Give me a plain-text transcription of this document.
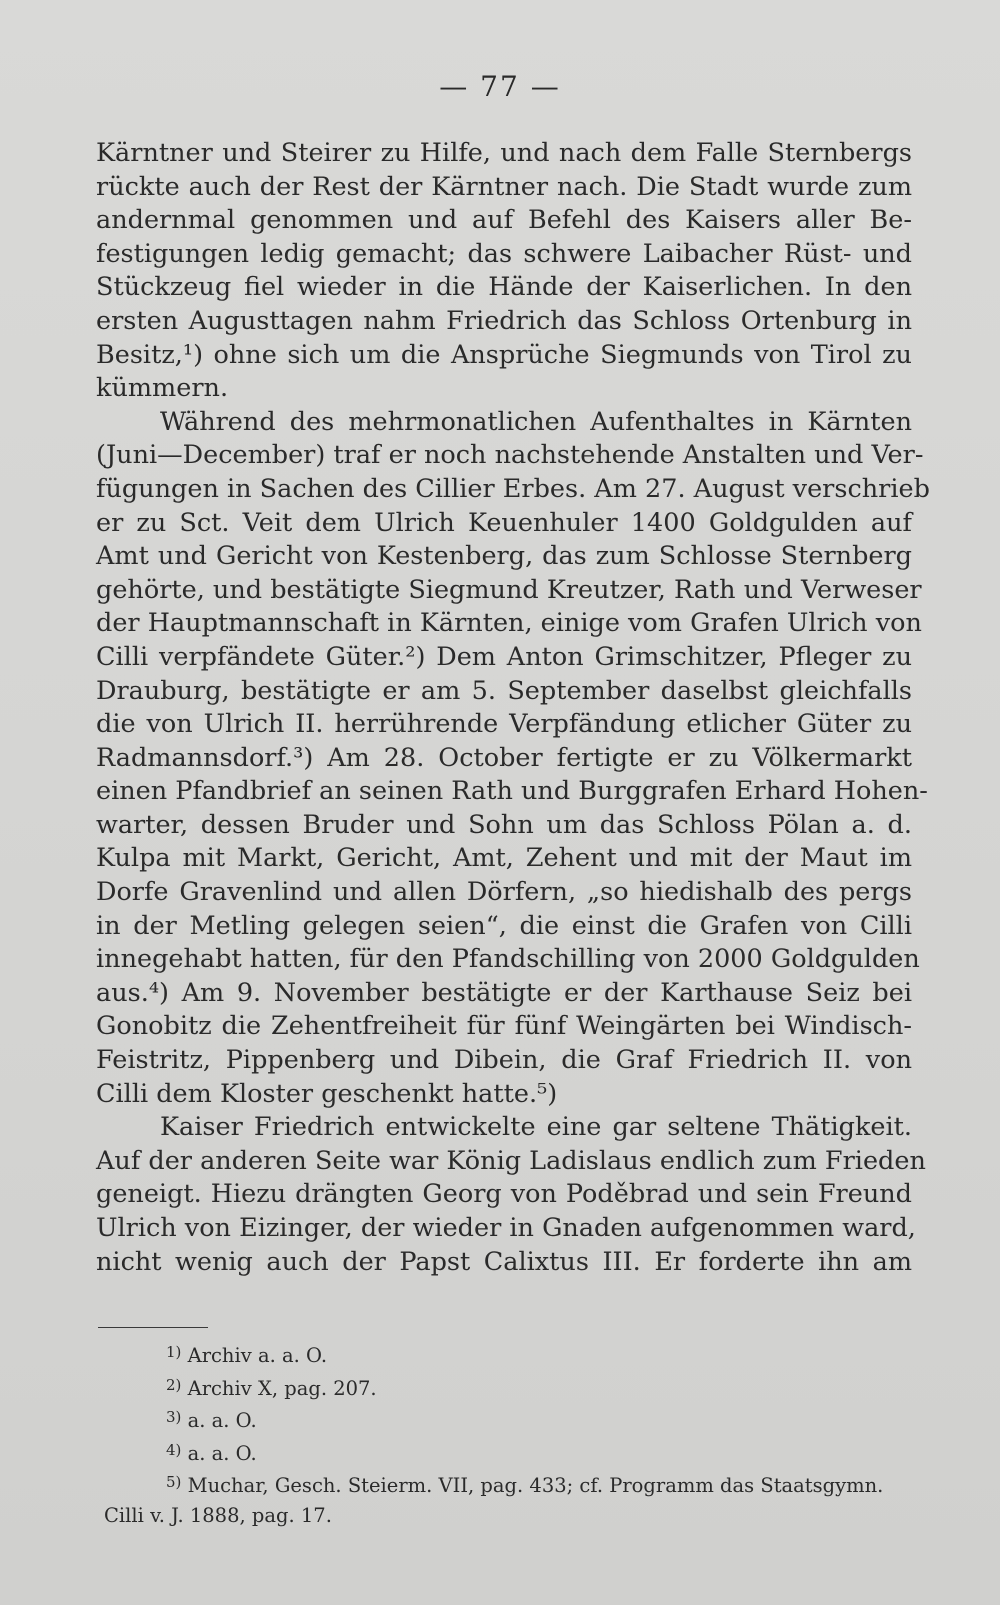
— 77 —
Kärntner und Steirer zu Hilfe, und nach dem Falle Sternbergs
rückte auch der Rest der Kärntner nach. Die Stadt wurde zum
andernmal genommen und auf Befehl des Kaisers aller Be-
festigungen ledig gemacht; das schwere Laibacher Rüst- und
Stückzeug fiel wieder in die Hände der Kaiserlichen. In den
ersten Augusttagen nahm Friedrich das Schloss Ortenburg in
Besitz,¹) ohne sich um die Ansprüche Siegmunds von Tirol zu
kümmern.
Während des mehrmonatlichen Aufenthaltes in Kärnten
(Juni—December) traf er noch nachstehende Anstalten und Ver-
fügungen in Sachen des Cillier Erbes. Am 27. August verschrieb
er zu Sct. Veit dem Ulrich Keuenhuler 1400 Goldgulden auf
Amt und Gericht von Kestenberg, das zum Schlosse Sternberg
gehörte, und bestätigte Siegmund Kreutzer, Rath und Verweser
der Hauptmannschaft in Kärnten, einige vom Grafen Ulrich von
Cilli verpfändete Güter.²) Dem Anton Grimschitzer, Pfleger zu
Drauburg, bestätigte er am 5. September daselbst gleichfalls
die von Ulrich II. herrührende Verpfändung etlicher Güter zu
Radmannsdorf.³) Am 28. October fertigte er zu Völkermarkt
einen Pfandbrief an seinen Rath und Burggrafen Erhard Hohen-
warter, dessen Bruder und Sohn um das Schloss Pölan a. d.
Kulpa mit Markt, Gericht, Amt, Zehent und mit der Maut im
Dorfe Gravenlind und allen Dörfern, „so hiedishalb des pergs
in der Metling gelegen seien“, die einst die Grafen von Cilli
innegehabt hatten, für den Pfandschilling von 2000 Goldgulden
aus.⁴) Am 9. November bestätigte er der Karthause Seiz bei
Gonobitz die Zehentfreiheit für fünf Weingärten bei Windisch-
Feistritz, Pippenberg und Dibein, die Graf Friedrich II. von
Cilli dem Kloster geschenkt hatte.⁵)
Kaiser Friedrich entwickelte eine gar seltene Thätigkeit.
Auf der anderen Seite war König Ladislaus endlich zum Frieden
geneigt. Hiezu drängten Georg von Poděbrad und sein Freund
Ulrich von Eizinger, der wieder in Gnaden aufgenommen ward,
nicht wenig auch der Papst Calixtus III. Er forderte ihn am
$^{1)}$ Archiv a. a. O.
$^{2)}$ Archiv X, pag. 207.
$^{3)}$ a. a. O.
$^{4)}$ a. a. O.
$^{5)}$ Muchar, Gesch. Steierm. VII, pag. 433; cf. Programm das Staatsgymn.
Cilli v. J. 1888, pag. 17.
